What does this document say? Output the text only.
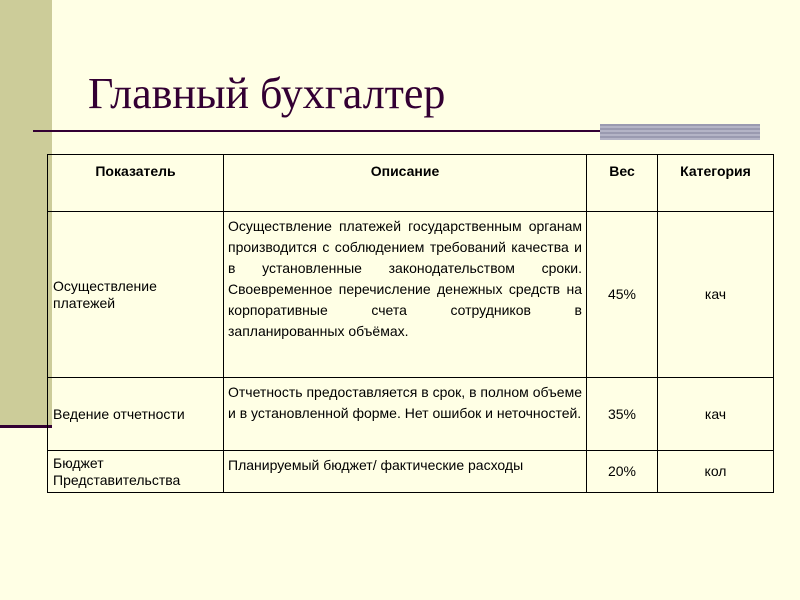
Главный бухгалтер
Показатель	Описание	Вес	Категория
Осуществление платежей	Осуществление платежей государственным органам производится с соблюдением требований качества и в установленные законодательством сроки. Своевременное перечисление денежных средств на корпоративные счета сотрудников в запланированных объёмах.	45%	кач
Ведение отчетности	Отчетность предоставляется в срок, в полном объеме и в установленной форме. Нет ошибок и неточностей.	35%	кач
Бюджет Представительства	Планируемый бюджет/ фактические расходы	20%	кол
